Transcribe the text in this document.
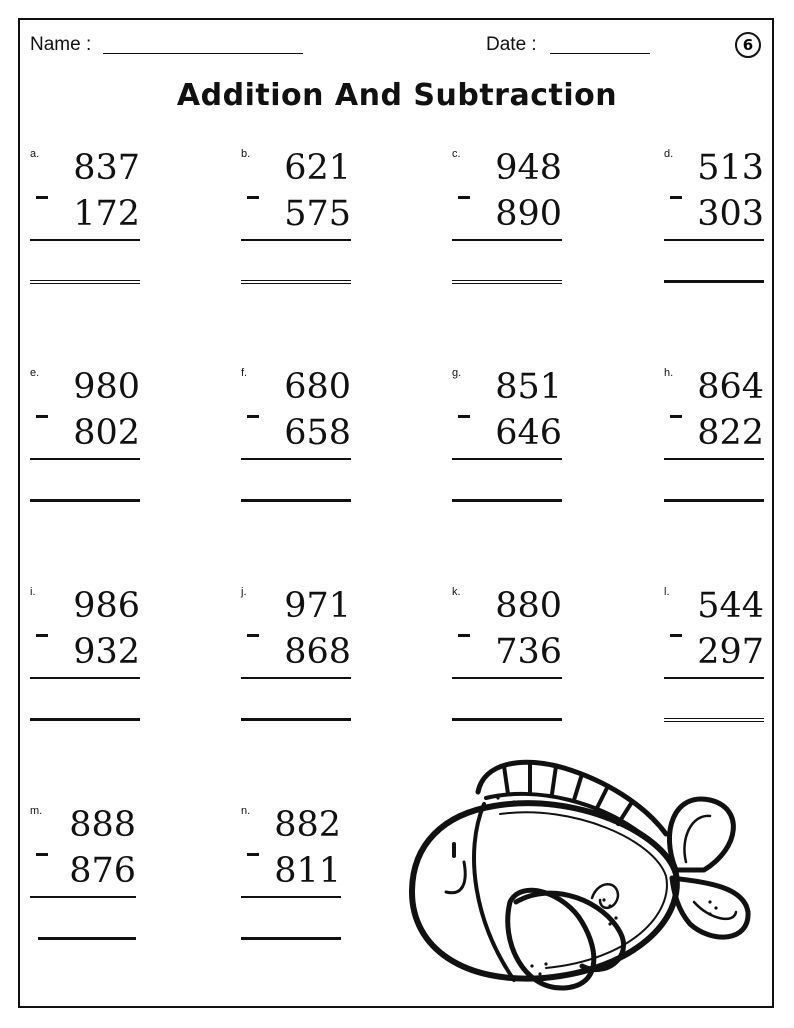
Name :	Date :	6
Addition And Subtraction
a. 837
172
b. 621
575
c. 948
890
d. 513
303
e. 980
802
f. 680
658
g. 851
646
h. 864
822
i. 986
932
j. 971
868
k. 880
736
l. 544
297
m. 888
876
n. 882
811
